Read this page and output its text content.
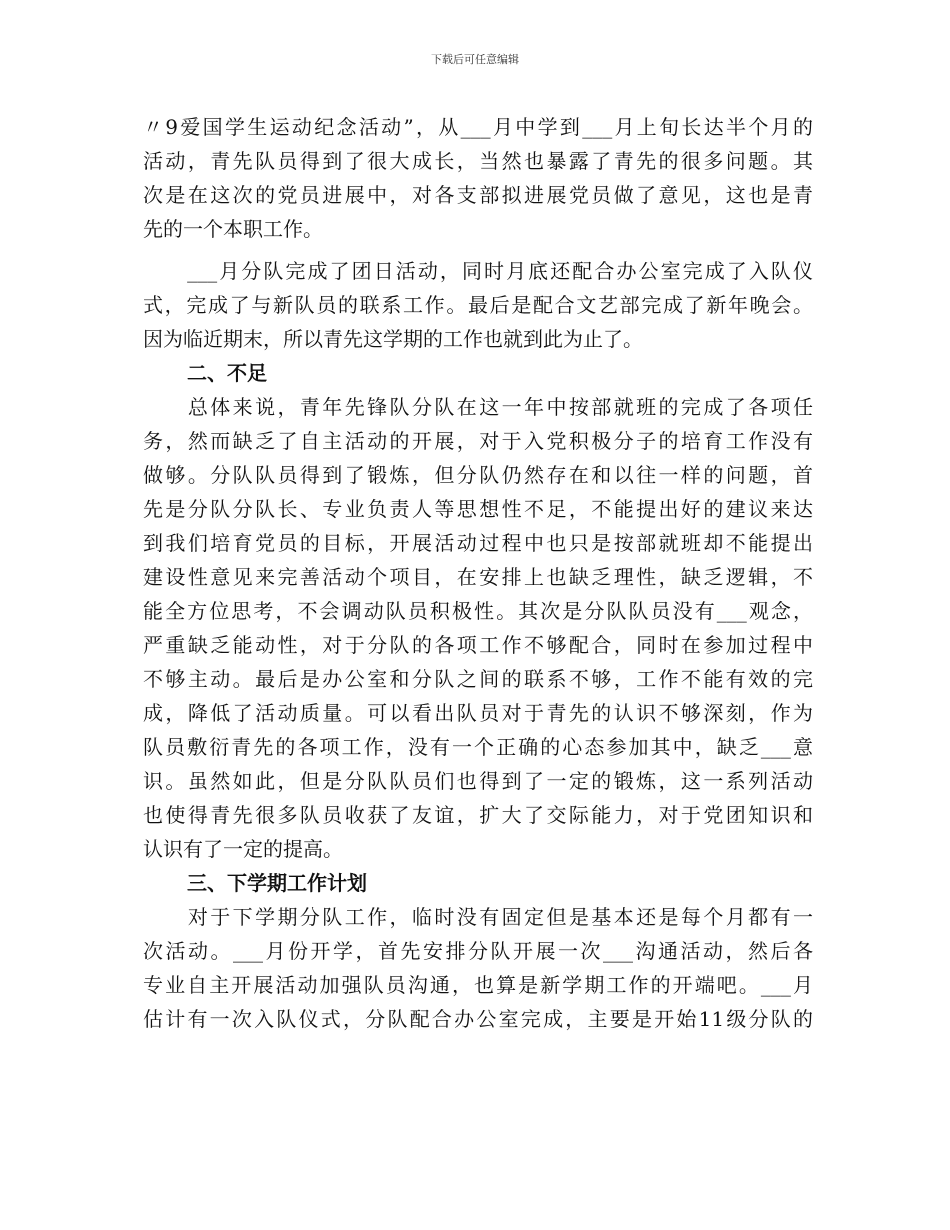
下载后可任意编辑
〃9爱国学生运动纪念活动”，从___月中学到___月上旬长达半个月的
活动，青先队员得到了很大成长，当然也暴露了青先的很多问题。其
次是在这次的党员进展中，对各支部拟进展党员做了意见，这也是青
先的一个本职工作。
　　___月分队完成了团日活动，同时月底还配合办公室完成了入队仪
式，完成了与新队员的联系工作。最后是配合文艺部完成了新年晚会。
因为临近期末，所以青先这学期的工作也就到此为止了。
二、不足
　　总体来说，青年先锋队分队在这一年中按部就班的完成了各项任
务，然而缺乏了自主活动的开展，对于入党积极分子的培育工作没有
做够。分队队员得到了锻炼，但分队仍然存在和以往一样的问题，首
先是分队分队长、专业负责人等思想性不足，不能提出好的建议来达
到我们培育党员的目标，开展活动过程中也只是按部就班却不能提出
建设性意见来完善活动个项目，在安排上也缺乏理性，缺乏逻辑，不
能全方位思考，不会调动队员积极性。其次是分队队员没有___观念，
严重缺乏能动性，对于分队的各项工作不够配合，同时在参加过程中
不够主动。最后是办公室和分队之间的联系不够，工作不能有效的完
成，降低了活动质量。可以看出队员对于青先的认识不够深刻，作为
队员敷衍青先的各项工作，没有一个正确的心态参加其中，缺乏___意
识。虽然如此，但是分队队员们也得到了一定的锻炼，这一系列活动
也使得青先很多队员收获了友谊，扩大了交际能力，对于党团知识和
认识有了一定的提高。
三、下学期工作计划
　　对于下学期分队工作，临时没有固定但是基本还是每个月都有一
次活动。___月份开学，首先安排分队开展一次___沟通活动，然后各
专业自主开展活动加强队员沟通，也算是新学期工作的开端吧。___月
估计有一次入队仪式，分队配合办公室完成，主要是开始11级分队的
